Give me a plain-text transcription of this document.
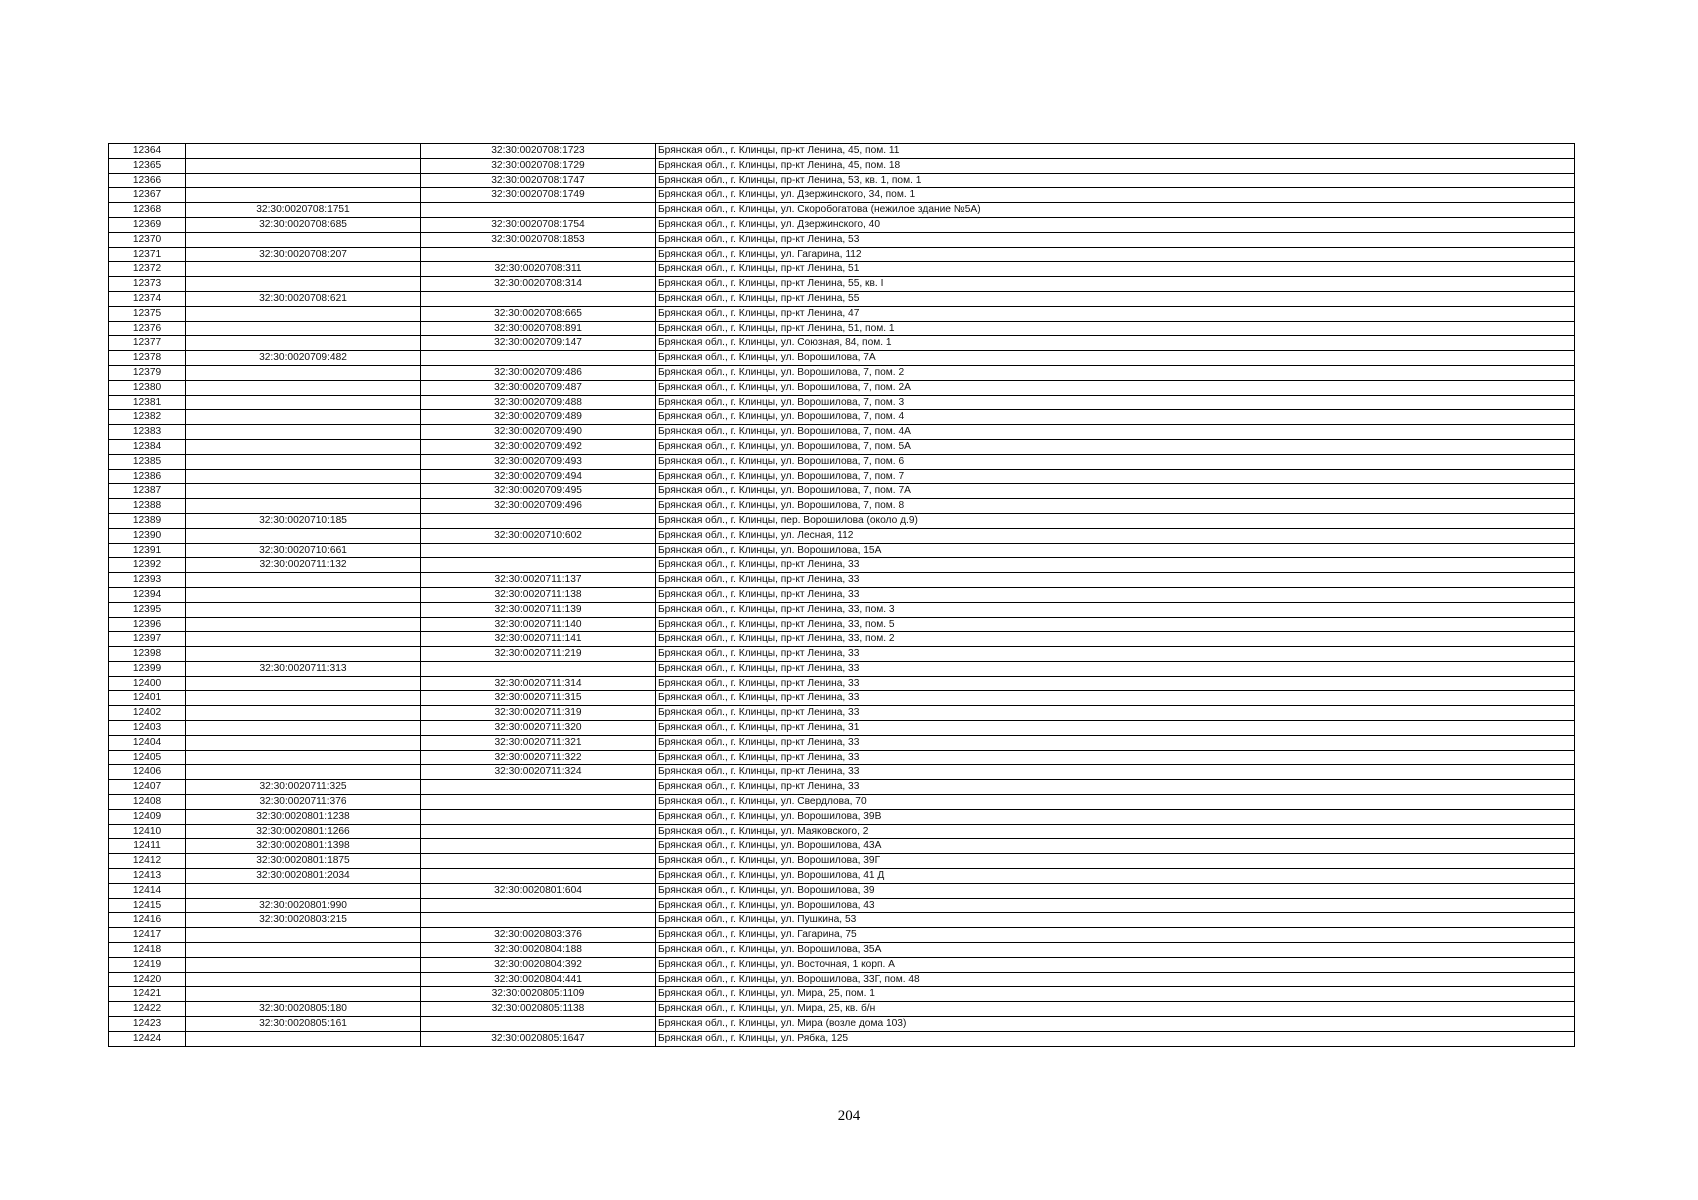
12364		32:30:0020708:1723	Брянская обл., г. Клинцы, пр-кт Ленина, 45, пом. 11
12365		32:30:0020708:1729	Брянская обл., г. Клинцы, пр-кт Ленина, 45, пом. 18
12366		32:30:0020708:1747	Брянская обл., г. Клинцы, пр-кт Ленина, 53, кв. 1, пом. 1
12367		32:30:0020708:1749	Брянская обл., г. Клинцы, ул. Дзержинского, 34, пом. 1
12368	32:30:0020708:1751		Брянская обл., г. Клинцы, ул. Скоробогатова (нежилое здание №5А)
12369	32:30:0020708:685	32:30:0020708:1754	Брянская обл., г. Клинцы, ул. Дзержинского, 40
12370		32:30:0020708:1853	Брянская обл., г. Клинцы, пр-кт Ленина, 53
12371	32:30:0020708:207		Брянская обл., г. Клинцы, ул. Гагарина, 112
12372		32:30:0020708:311	Брянская обл., г. Клинцы, пр-кт Ленина, 51
12373		32:30:0020708:314	Брянская обл., г. Клинцы, пр-кт Ленина, 55, кв. I
12374	32:30:0020708:621		Брянская обл., г. Клинцы, пр-кт Ленина, 55
12375		32:30:0020708:665	Брянская обл., г. Клинцы, пр-кт Ленина, 47
12376		32:30:0020708:891	Брянская обл., г. Клинцы, пр-кт Ленина, 51, пом. 1
12377		32:30:0020709:147	Брянская обл., г. Клинцы, ул. Союзная, 84, пом. 1
12378	32:30:0020709:482		Брянская обл., г. Клинцы, ул. Ворошилова, 7А
12379		32:30:0020709:486	Брянская обл., г. Клинцы, ул. Ворошилова, 7, пом. 2
12380		32:30:0020709:487	Брянская обл., г. Клинцы, ул. Ворошилова, 7, пом. 2А
12381		32:30:0020709:488	Брянская обл., г. Клинцы, ул. Ворошилова, 7, пом. 3
12382		32:30:0020709:489	Брянская обл., г. Клинцы, ул. Ворошилова, 7, пом. 4
12383		32:30:0020709:490	Брянская обл., г. Клинцы, ул. Ворошилова, 7, пом. 4А
12384		32:30:0020709:492	Брянская обл., г. Клинцы, ул. Ворошилова, 7, пом. 5А
12385		32:30:0020709:493	Брянская обл., г. Клинцы, ул. Ворошилова, 7, пом. 6
12386		32:30:0020709:494	Брянская обл., г. Клинцы, ул. Ворошилова, 7, пом. 7
12387		32:30:0020709:495	Брянская обл., г. Клинцы, ул. Ворошилова, 7, пом. 7А
12388		32:30:0020709:496	Брянская обл., г. Клинцы, ул. Ворошилова, 7, пом. 8
12389	32:30:0020710:185		Брянская обл., г. Клинцы, пер. Ворошилова (около д.9)
12390		32:30:0020710:602	Брянская обл., г. Клинцы, ул. Лесная, 112
12391	32:30:0020710:661		Брянская обл., г. Клинцы, ул. Ворошилова, 15А
12392	32:30:0020711:132		Брянская обл., г. Клинцы, пр-кт Ленина, 33
12393		32:30:0020711:137	Брянская обл., г. Клинцы, пр-кт Ленина, 33
12394		32:30:0020711:138	Брянская обл., г. Клинцы, пр-кт Ленина, 33
12395		32:30:0020711:139	Брянская обл., г. Клинцы, пр-кт Ленина, 33, пом. 3
12396		32:30:0020711:140	Брянская обл., г. Клинцы, пр-кт Ленина, 33, пом. 5
12397		32:30:0020711:141	Брянская обл., г. Клинцы, пр-кт Ленина, 33, пом. 2
12398		32:30:0020711:219	Брянская обл., г. Клинцы, пр-кт Ленина, 33
12399	32:30:0020711:313		Брянская обл., г. Клинцы, пр-кт Ленина, 33
12400		32:30:0020711:314	Брянская обл., г. Клинцы, пр-кт Ленина, 33
12401		32:30:0020711:315	Брянская обл., г. Клинцы, пр-кт Ленина, 33
12402		32:30:0020711:319	Брянская обл., г. Клинцы, пр-кт Ленина, 33
12403		32:30:0020711:320	Брянская обл., г. Клинцы, пр-кт Ленина, 31
12404		32:30:0020711:321	Брянская обл., г. Клинцы, пр-кт Ленина, 33
12405		32:30:0020711:322	Брянская обл., г. Клинцы, пр-кт Ленина, 33
12406		32:30:0020711:324	Брянская обл., г. Клинцы, пр-кт Ленина, 33
12407	32:30:0020711:325		Брянская обл., г. Клинцы, пр-кт Ленина, 33
12408	32:30:0020711:376		Брянская обл., г. Клинцы, ул. Свердлова, 70
12409	32:30:0020801:1238		Брянская обл., г. Клинцы, ул. Ворошилова, 39В
12410	32:30:0020801:1266		Брянская обл., г. Клинцы, ул. Маяковского, 2
12411	32:30:0020801:1398		Брянская обл., г. Клинцы, ул. Ворошилова, 43А
12412	32:30:0020801:1875		Брянская обл., г. Клинцы, ул. Ворошилова, 39Г
12413	32:30:0020801:2034		Брянская обл., г. Клинцы, ул. Ворошилова, 41 Д
12414		32:30:0020801:604	Брянская обл., г. Клинцы, ул. Ворошилова, 39
12415	32:30:0020801:990		Брянская обл., г. Клинцы, ул. Ворошилова, 43
12416	32:30:0020803:215		Брянская обл., г. Клинцы, ул. Пушкина, 53
12417		32:30:0020803:376	Брянская обл., г. Клинцы, ул. Гагарина, 75
12418		32:30:0020804:188	Брянская обл., г. Клинцы, ул. Ворошилова, 35А
12419		32:30:0020804:392	Брянская обл., г. Клинцы, ул. Восточная, 1 корп. А
12420		32:30:0020804:441	Брянская обл., г. Клинцы, ул. Ворошилова, 33Г, пом. 48
12421		32:30:0020805:1109	Брянская обл., г. Клинцы, ул. Мира, 25, пом. 1
12422	32:30:0020805:180	32:30:0020805:1138	Брянская обл., г. Клинцы, ул. Мира, 25, кв. б/н
12423	32:30:0020805:161		Брянская обл., г. Клинцы, ул. Мира (возле дома 103)
12424		32:30:0020805:1647	Брянская обл., г. Клинцы, ул. Рябка, 125
204
